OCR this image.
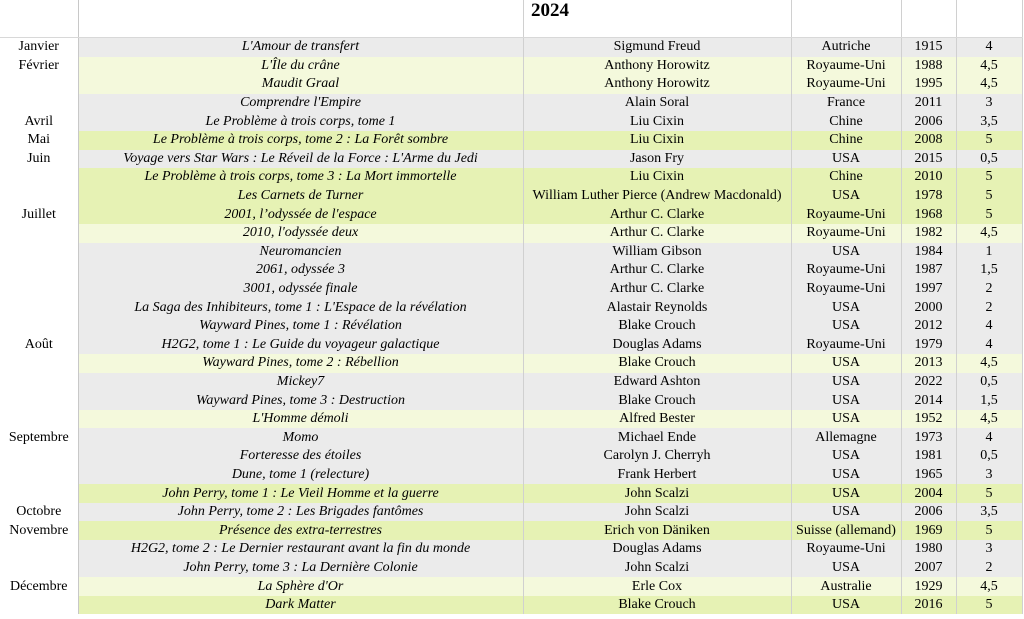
2024

Janvier	L'Amour de transfert	Sigmund Freud	Autriche	1915	4
Février	L'Île du crâne	Anthony Horowitz	Royaume-Uni	1988	4,5
	Maudit Graal	Anthony Horowitz	Royaume-Uni	1995	4,5
	Comprendre l'Empire	Alain Soral	France	2011	3
Avril	Le Problème à trois corps, tome 1	Liu Cixin	Chine	2006	3,5
Mai	Le Problème à trois corps, tome 2 : La Forêt sombre	Liu Cixin	Chine	2008	5
Juin	Voyage vers Star Wars : Le Réveil de la Force : L'Arme du Jedi	Jason Fry	USA	2015	0,5
	Le Problème à trois corps, tome 3 : La Mort immortelle	Liu Cixin	Chine	2010	5
	Les Carnets de Turner	William Luther Pierce (Andrew Macdonald)	USA	1978	5
Juillet	2001, l’odyssée de l'espace	Arthur C. Clarke	Royaume-Uni	1968	5
	2010, l'odyssée deux	Arthur C. Clarke	Royaume-Uni	1982	4,5
	Neuromancien	William Gibson	USA	1984	1
	2061, odyssée 3	Arthur C. Clarke	Royaume-Uni	1987	1,5
	3001, odyssée finale	Arthur C. Clarke	Royaume-Uni	1997	2
	La Saga des Inhibiteurs, tome 1 : L'Espace de la révélation	Alastair Reynolds	USA	2000	2
	Wayward Pines, tome 1 : Révélation	Blake Crouch	USA	2012	4
Août	H2G2, tome 1 : Le Guide du voyageur galactique	Douglas Adams	Royaume-Uni	1979	4
	Wayward Pines, tome 2 : Rébellion	Blake Crouch	USA	2013	4,5
	Mickey7	Edward Ashton	USA	2022	0,5
	Wayward Pines, tome 3 : Destruction	Blake Crouch	USA	2014	1,5
	L'Homme démoli	Alfred Bester	USA	1952	4,5
Septembre	Momo	Michael Ende	Allemagne	1973	4
	Forteresse des étoiles	Carolyn J. Cherryh	USA	1981	0,5
	Dune, tome 1 (relecture)	Frank Herbert	USA	1965	3
	John Perry, tome 1 : Le Vieil Homme et la guerre	John Scalzi	USA	2004	5
Octobre	John Perry, tome 2 : Les Brigades fantômes	John Scalzi	USA	2006	3,5
Novembre	Présence des extra-terrestres	Erich von Däniken	Suisse (allemand)	1969	5
	H2G2, tome 2 : Le Dernier restaurant avant la fin du monde	Douglas Adams	Royaume-Uni	1980	3
	John Perry, tome 3 : La Dernière Colonie	John Scalzi	USA	2007	2
Décembre	La Sphère d'Or	Erle Cox	Australie	1929	4,5
	Dark Matter	Blake Crouch	USA	2016	5
